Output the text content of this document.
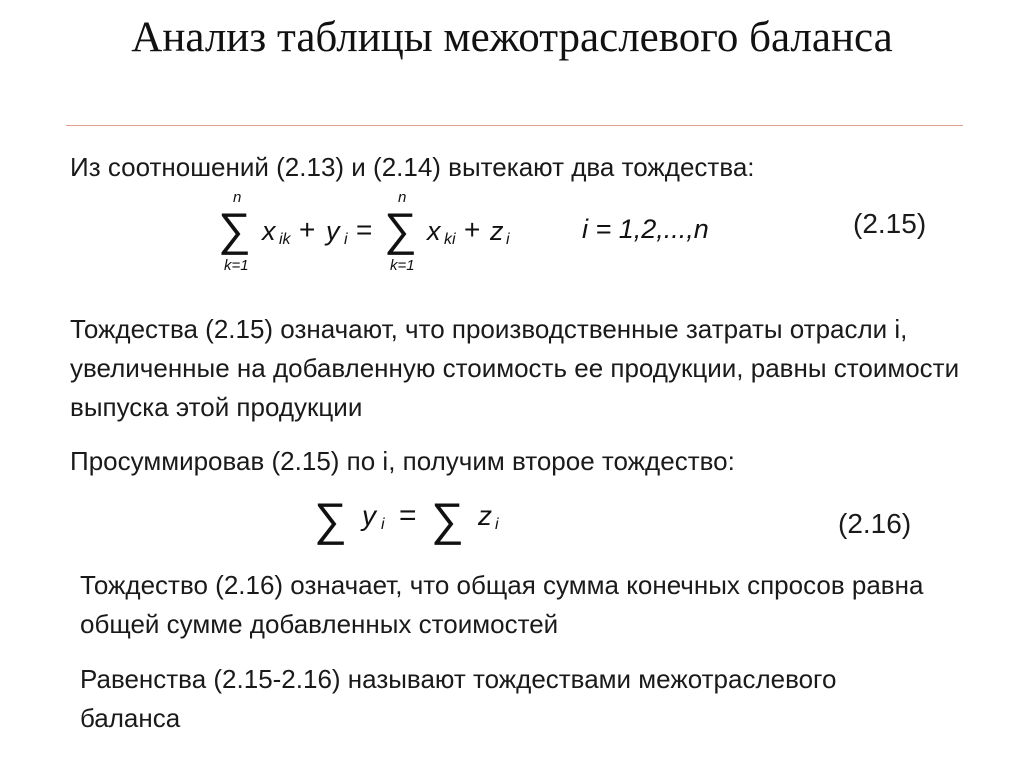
Анализ таблицы межотраслевого баланса

Из соотношений (2.13) и (2.14) вытекают два тождества:

n
∑
k=1
x ik + y i =
n
∑
k=1
x ki + z i	i = 1,2,...,n	(2.15)

Тождества (2.15) означают, что производственные затраты отрасли i, увеличенные на добавленную стоимость ее продукции, равны стоимости выпуска этой продукции

Просуммировав (2.15) по i, получим второе тождество:

∑ y i = ∑ z i	(2.16)

Тождество (2.16) означает, что общая сумма конечных спросов равна общей сумме добавленных стоимостей

Равенства (2.15-2.16) называют тождествами межотраслевого баланса
